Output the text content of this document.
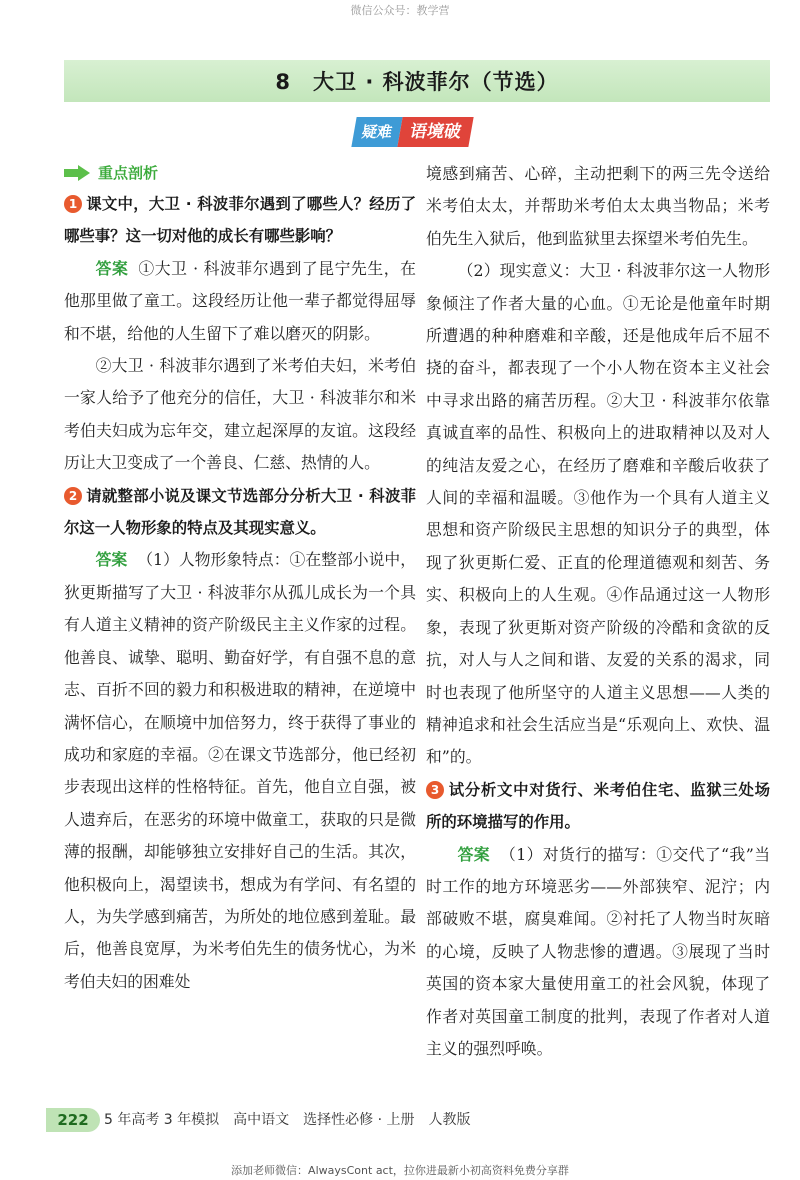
微信公众号：教学营
8　大卫 · 科波菲尔（节选）
疑难 语境破
重点剖析

1 课文中，大卫 · 科波菲尔遇到了哪些人？经历了哪些事？这一切对他的成长有哪些影响？

答案 ①大卫 · 科波菲尔遇到了昆宁先生，在他那里做了童工。这段经历让他一辈子都觉得屈辱和不堪，给他的人生留下了难以磨灭的阴影。

②大卫 · 科波菲尔遇到了米考伯夫妇，米考伯一家人给予了他充分的信任，大卫 · 科波菲尔和米考伯夫妇成为忘年交，建立起深厚的友谊。这段经历让大卫变成了一个善良、仁慈、热情的人。

2 请就整部小说及课文节选部分分析大卫 · 科波菲尔这一人物形象的特点及其现实意义。

答案 （1）人物形象特点：①在整部小说中，狄更斯描写了大卫 · 科波菲尔从孤儿成长为一个具有人道主义精神的资产阶级民主主义作家的过程。他善良、诚挚、聪明、勤奋好学，有自强不息的意志、百折不回的毅力和积极进取的精神，在逆境中满怀信心，在顺境中加倍努力，终于获得了事业的成功和家庭的幸福。②在课文节选部分，他已经初步表现出这样的性格特征。首先，他自立自强，被人遗弃后，在恶劣的环境中做童工，获取的只是微薄的报酬，却能够独立安排好自己的生活。其次，他积极向上，渴望读书，想成为有学问、有名望的人，为失学感到痛苦，为所处的地位感到羞耻。最后，他善良宽厚，为米考伯先生的债务忧心，为米考伯夫妇的困难处

境感到痛苦、心碎，主动把剩下的两三先令送给米考伯太太，并帮助米考伯太太典当物品；米考伯先生入狱后，他到监狱里去探望米考伯先生。

（2）现实意义：大卫 · 科波菲尔这一人物形象倾注了作者大量的心血。①无论是他童年时期所遭遇的种种磨难和辛酸，还是他成年后不屈不挠的奋斗，都表现了一个小人物在资本主义社会中寻求出路的痛苦历程。②大卫 · 科波菲尔依靠真诚直率的品性、积极向上的进取精神以及对人的纯洁友爱之心，在经历了磨难和辛酸后收获了人间的幸福和温暖。③他作为一个具有人道主义思想和资产阶级民主思想的知识分子的典型，体现了狄更斯仁爱、正直的伦理道德观和刻苦、务实、积极向上的人生观。④作品通过这一人物形象，表现了狄更斯对资产阶级的冷酷和贪欲的反抗，对人与人之间和谐、友爱的关系的渴求，同时也表现了他所坚守的人道主义思想——人类的精神追求和社会生活应当是“乐观向上、欢快、温和”的。

3 试分析文中对货行、米考伯住宅、监狱三处场所的环境描写的作用。

答案 （1）对货行的描写：①交代了“我”当时工作的地方环境恶劣——外部狭窄、泥泞；内部破败不堪，腐臭难闻。②衬托了人物当时灰暗的心境，反映了人物悲惨的遭遇。③展现了当时英国的资本家大量使用童工的社会风貌，体现了作者对英国童工制度的批判，表现了作者对人道主义的强烈呼唤。

222	5 年高考 3 年模拟　高中语文　选择性必修 · 上册　人教版
添加老师微信：AlwaysCont act，拉你进最新小初高资料免费分享群
